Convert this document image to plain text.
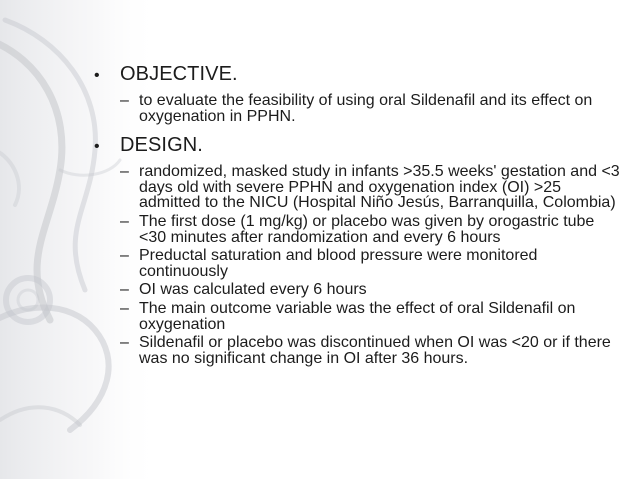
•	OBJECTIVE.
– to evaluate the feasibility of using oral Sildenafil and its effect on oxygenation in PPHN.
•	DESIGN.
– randomized, masked study in infants >35.5 weeks' gestation and <3 days old with severe PPHN and oxygenation index (OI) >25 admitted to the NICU (Hospital Niño Jesús, Barranquilla, Colombia)
– The first dose (1 mg/kg) or placebo was given by orogastric tube <30 minutes after randomization and every 6 hours
– Preductal saturation and blood pressure were monitored continuously
– OI was calculated every 6 hours
– The main outcome variable was the effect of oral Sildenafil on oxygenation
– Sildenafil or placebo was discontinued when OI was <20 or if there was no significant change in OI after 36 hours.
